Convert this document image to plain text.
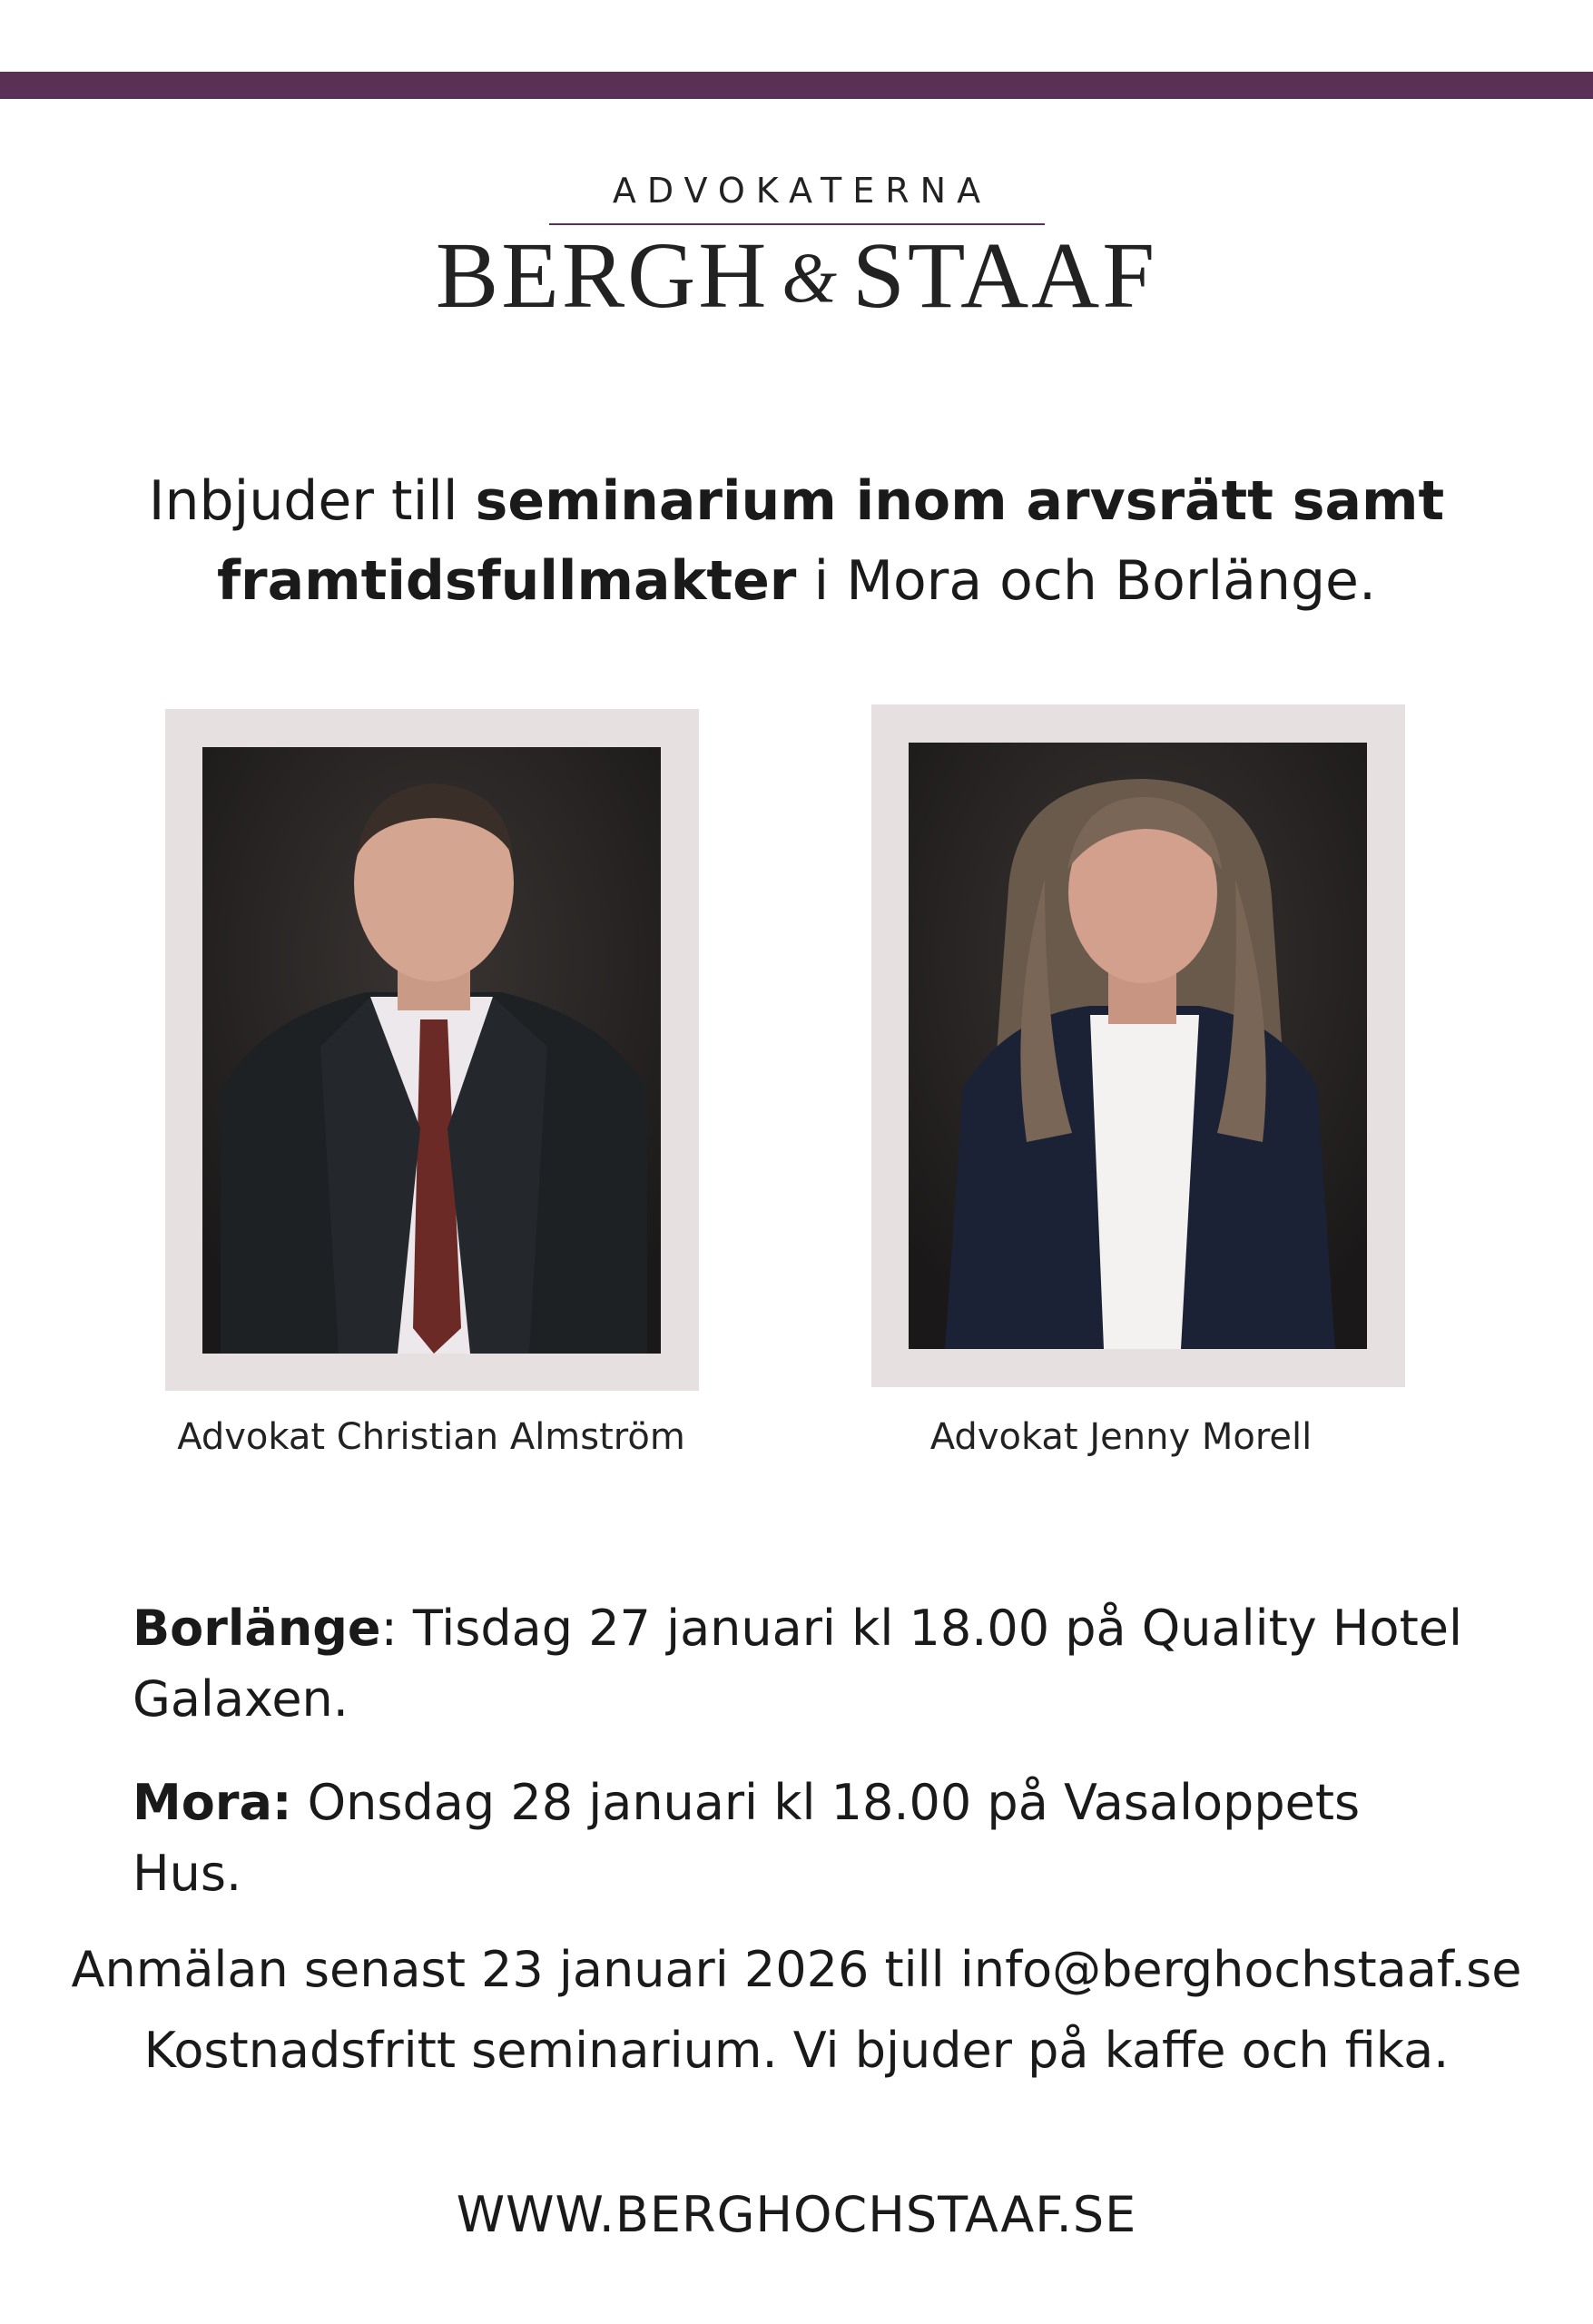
ADVOKATERNA
BERGH & STAAF
Inbjuder till seminarium inom arvsrätt samt framtidsfullmakter i Mora och Borlänge.
Advokat Christian Almström	Advokat Jenny Morell
Borlänge: Tisdag 27 januari kl 18.00 på Quality Hotel Galaxen.
Mora: Onsdag 28 januari kl 18.00 på Vasaloppets Hus.
Anmälan senast 23 januari 2026 till info@berghochstaaf.se
Kostnadsfritt seminarium. Vi bjuder på kaffe och fika.
WWW.BERGHOCHSTAAF.SE
